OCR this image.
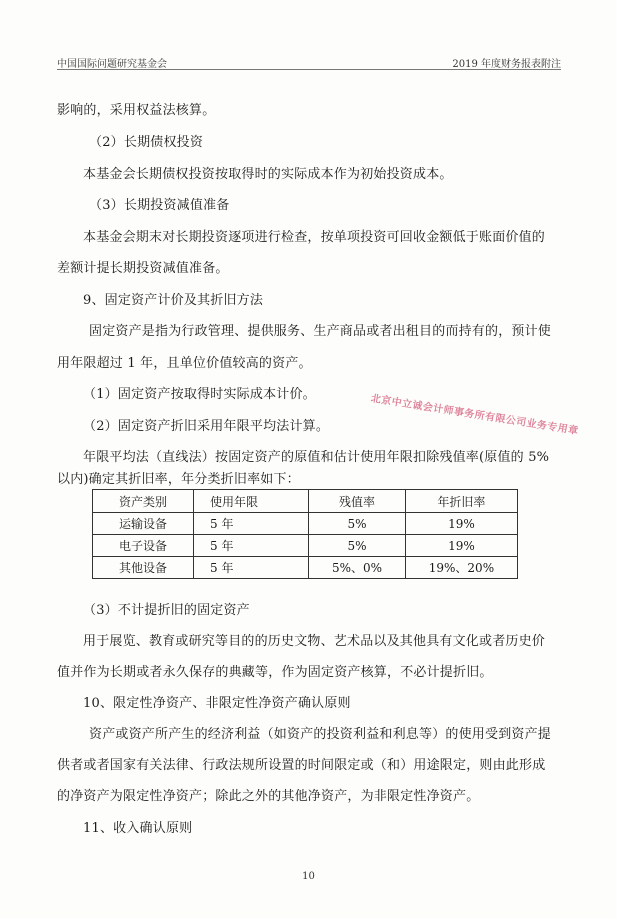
中国国际问题研究基金会	2019 年度财务报表附注
影响的，采用权益法核算。
（2）长期债权投资
本基金会长期债权投资按取得时的实际成本作为初始投资成本。
（3）长期投资减值准备
本基金会期末对长期投资逐项进行检查，按单项投资可回收金额低于账面价值的
差额计提长期投资减值准备。
9、固定资产计价及其折旧方法
固定资产是指为行政管理、提供服务、生产商品或者出租目的而持有的，预计使
用年限超过 1 年，且单位价值较高的资产。
（1）固定资产按取得时实际成本计价。
（2）固定资产折旧采用年限平均法计算。
年限平均法（直线法）按固定资产的原值和估计使用年限扣除残值率(原值的 5%
以内)确定其折旧率，年分类折旧率如下：
北京中立诚会计师事务所有限公司业务专用章
资产类别	使用年限	残值率	年折旧率
运输设备	5 年	5%	19%
电子设备	5 年	5%	19%
其他设备	5 年	5%、0%	19%、20%
（3）不计提折旧的固定资产
用于展览、教育或研究等目的的历史文物、艺术品以及其他具有文化或者历史价
值并作为长期或者永久保存的典藏等，作为固定资产核算，不必计提折旧。
10、限定性净资产、非限定性净资产确认原则
资产或资产所产生的经济利益（如资产的投资利益和利息等）的使用受到资产提
供者或者国家有关法律、行政法规所设置的时间限定或（和）用途限定，则由此形成
的净资产为限定性净资产；除此之外的其他净资产，为非限定性净资产。
11、收入确认原则
10
